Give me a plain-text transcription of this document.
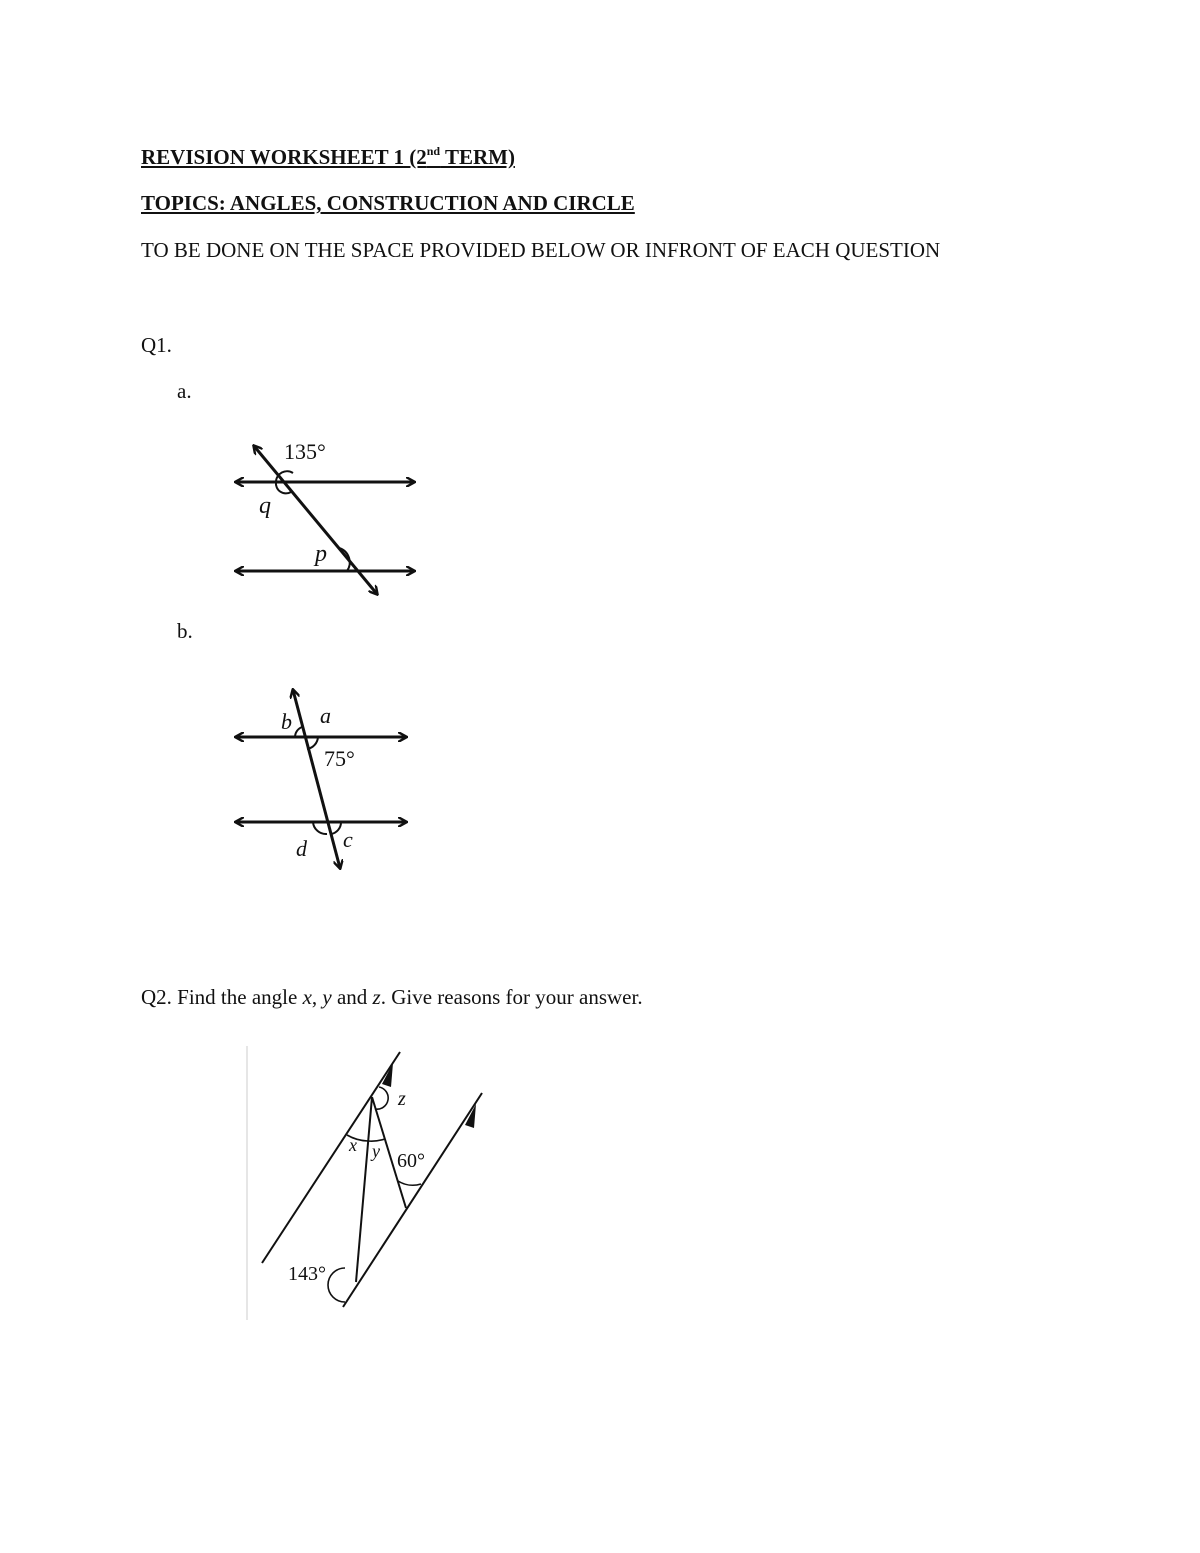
REVISION WORKSHEET 1 (2nd TERM)
TOPICS: ANGLES, CONSTRUCTION AND CIRCLE
TO BE DONE ON THE SPACE PROVIDED BELOW OR INFRONT OF EACH QUESTION
Q1.
a.
135°
q
p
b.
b a
75°
d c
Q2. Find the angle x, y and z. Give reasons for your answer.
z
x y 60°
143°
